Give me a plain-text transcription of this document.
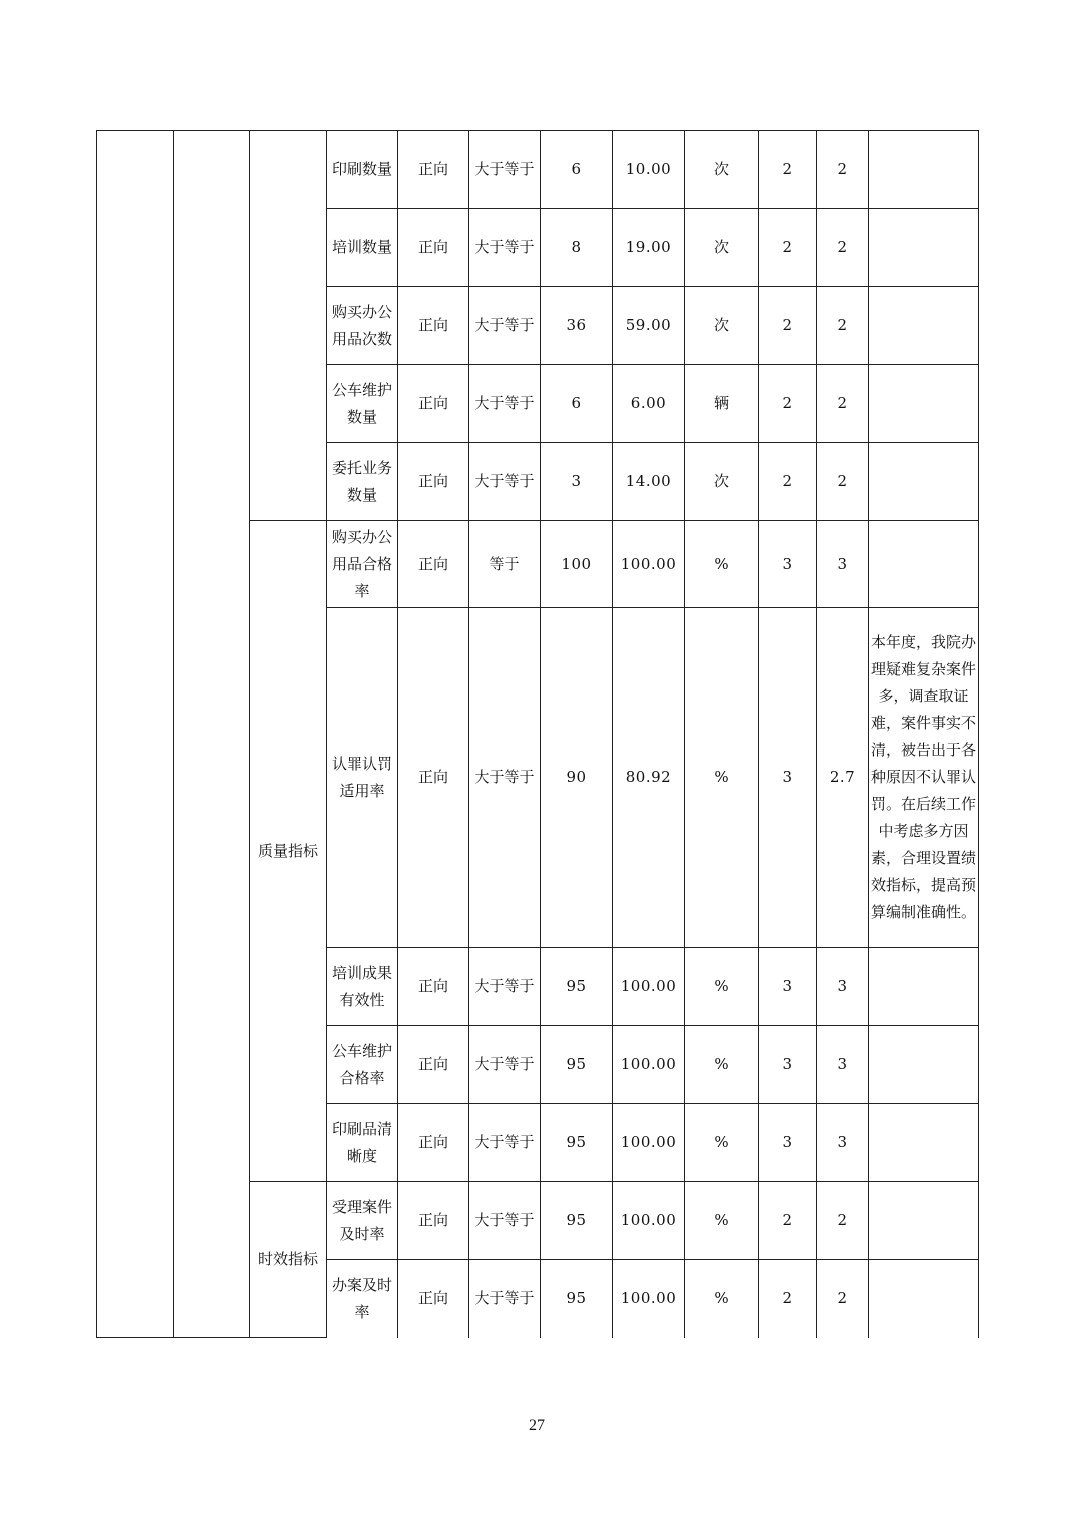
			印刷数量	正向	大于等于	6	10.00	次	2	2	
			培训数量	正向	大于等于	8	19.00	次	2	2	
			购买办公用品次数	正向	大于等于	36	59.00	次	2	2	
			公车维护数量	正向	大于等于	6	6.00	辆	2	2	
			委托业务数量	正向	大于等于	3	14.00	次	2	2	
		质量指标	购买办公用品合格率	正向	等于	100	100.00	%	3	3	
			认罪认罚适用率	正向	大于等于	90	80.92	%	3	2.7	本年度，我院办理疑难复杂案件多，调查取证难，案件事实不清，被告出于各种原因不认罪认罚。在后续工作中考虑多方因素，合理设置绩效指标，提高预算编制准确性。
			培训成果有效性	正向	大于等于	95	100.00	%	3	3	
			公车维护合格率	正向	大于等于	95	100.00	%	3	3	
			印刷品清晰度	正向	大于等于	95	100.00	%	3	3	
		时效指标	受理案件及时率	正向	大于等于	95	100.00	%	2	2	
			办案及时率	正向	大于等于	95	100.00	%	2	2	
27
